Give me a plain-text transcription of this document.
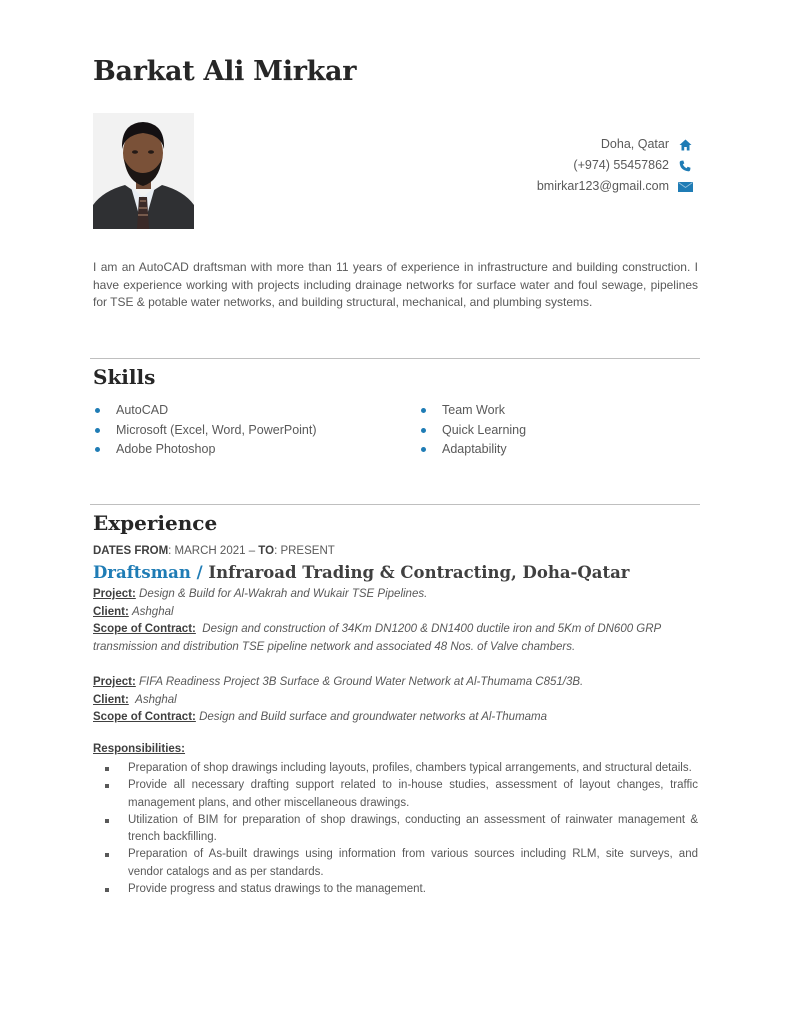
Barkat Ali Mirkar
Doha, Qatar
(+974) 55457862
bmirkar123@gmail.com

I am an AutoCAD draftsman with more than 11 years of experience in infrastructure and building construction. I have experience working with projects including drainage networks for surface water and foul sewage, pipelines for TSE & potable water networks, and building structural, mechanical, and plumbing systems.

Skills
AutoCAD
Microsoft (Excel, Word, PowerPoint)
Adobe Photoshop
Team Work
Quick Learning
Adaptability
Experience
DATES FROM: MARCH 2021 – TO: PRESENT
Draftsman / Infraroad Trading & Contracting, Doha-Qatar
Project: Design & Build for Al-Wakrah and Wukair TSE Pipelines.
Client: Ashghal
Scope of Contract: Design and construction of 34Km DN1200 & DN1400 ductile iron and 5Km of DN600 GRP transmission and distribution TSE pipeline network and associated 48 Nos. of Valve chambers.
Project: FIFA Readiness Project 3B Surface & Ground Water Network at Al-Thumama C851/3B.
Client: Ashghal
Scope of Contract: Design and Build surface and groundwater networks at Al-Thumama
Responsibilities:
Preparation of shop drawings including layouts, profiles, chambers typical arrangements, and structural details.
Provide all necessary drafting support related to in-house studies, assessment of layout changes, traffic management plans, and other miscellaneous drawings.
Utilization of BIM for preparation of shop drawings, conducting an assessment of rainwater management & trench backfilling.
Preparation of As-built drawings using information from various sources including RLM, site surveys, and vendor catalogs and as per standards.
Provide progress and status drawings to the management.
